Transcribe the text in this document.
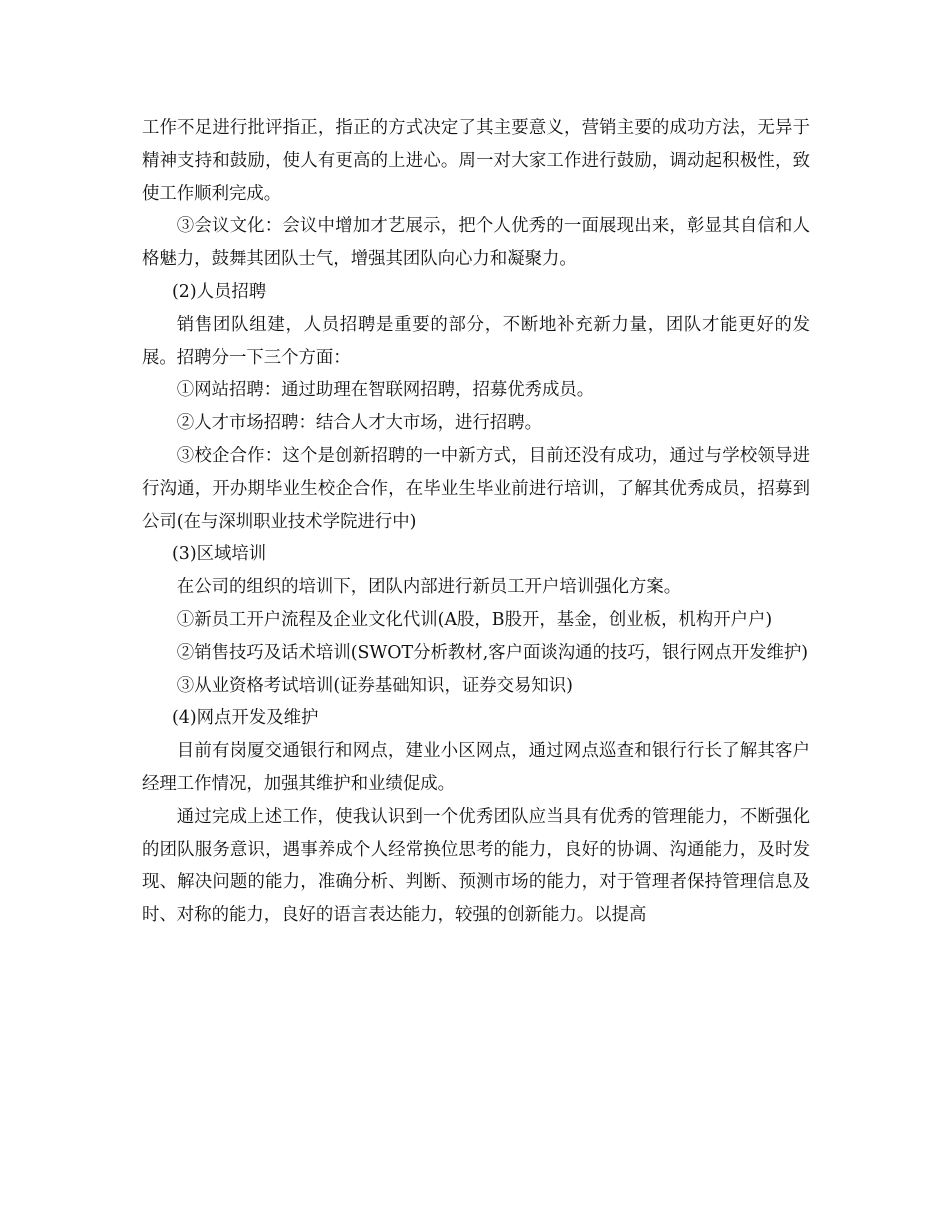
工作不足进行批评指正，指正的方式决定了其主要意义，营销主要的成功方法，无异于精神支持和鼓励，使人有更高的上进心。周一对大家工作进行鼓励，调动起积极性，致使工作顺利完成。

③会议文化：会议中增加才艺展示，把个人优秀的一面展现出来，彰显其自信和人格魅力，鼓舞其团队士气，增强其团队向心力和凝聚力。

(2)人员招聘

销售团队组建，人员招聘是重要的部分，不断地补充新力量，团队才能更好的发展。招聘分一下三个方面：

①网站招聘：通过助理在智联网招聘，招募优秀成员。

②人才市场招聘：结合人才大市场，进行招聘。

③校企合作：这个是创新招聘的一中新方式，目前还没有成功，通过与学校领导进行沟通，开办期毕业生校企合作，在毕业生毕业前进行培训，了解其优秀成员，招募到公司(在与深圳职业技术学院进行中)

(3)区域培训

在公司的组织的培训下，团队内部进行新员工开户培训强化方案。

①新员工开户流程及企业文化代训(A股，B股开，基金，创业板，机构开户户)

②销售技巧及话术培训(SWOT分析教材,客户面谈沟通的技巧，银行网点开发维护)

③从业资格考试培训(证券基础知识，证券交易知识)

(4)网点开发及维护

目前有岗厦交通银行和网点，建业小区网点，通过网点巡查和银行行长了解其客户经理工作情况，加强其维护和业绩促成。

通过完成上述工作，使我认识到一个优秀团队应当具有优秀的管理能力，不断强化的团队服务意识，遇事养成个人经常换位思考的能力，良好的协调、沟通能力，及时发现、解决问题的能力，准确分析、判断、预测市场的能力，对于管理者保持管理信息及时、对称的能力，良好的语言表达能力，较强的创新能力。以提高
